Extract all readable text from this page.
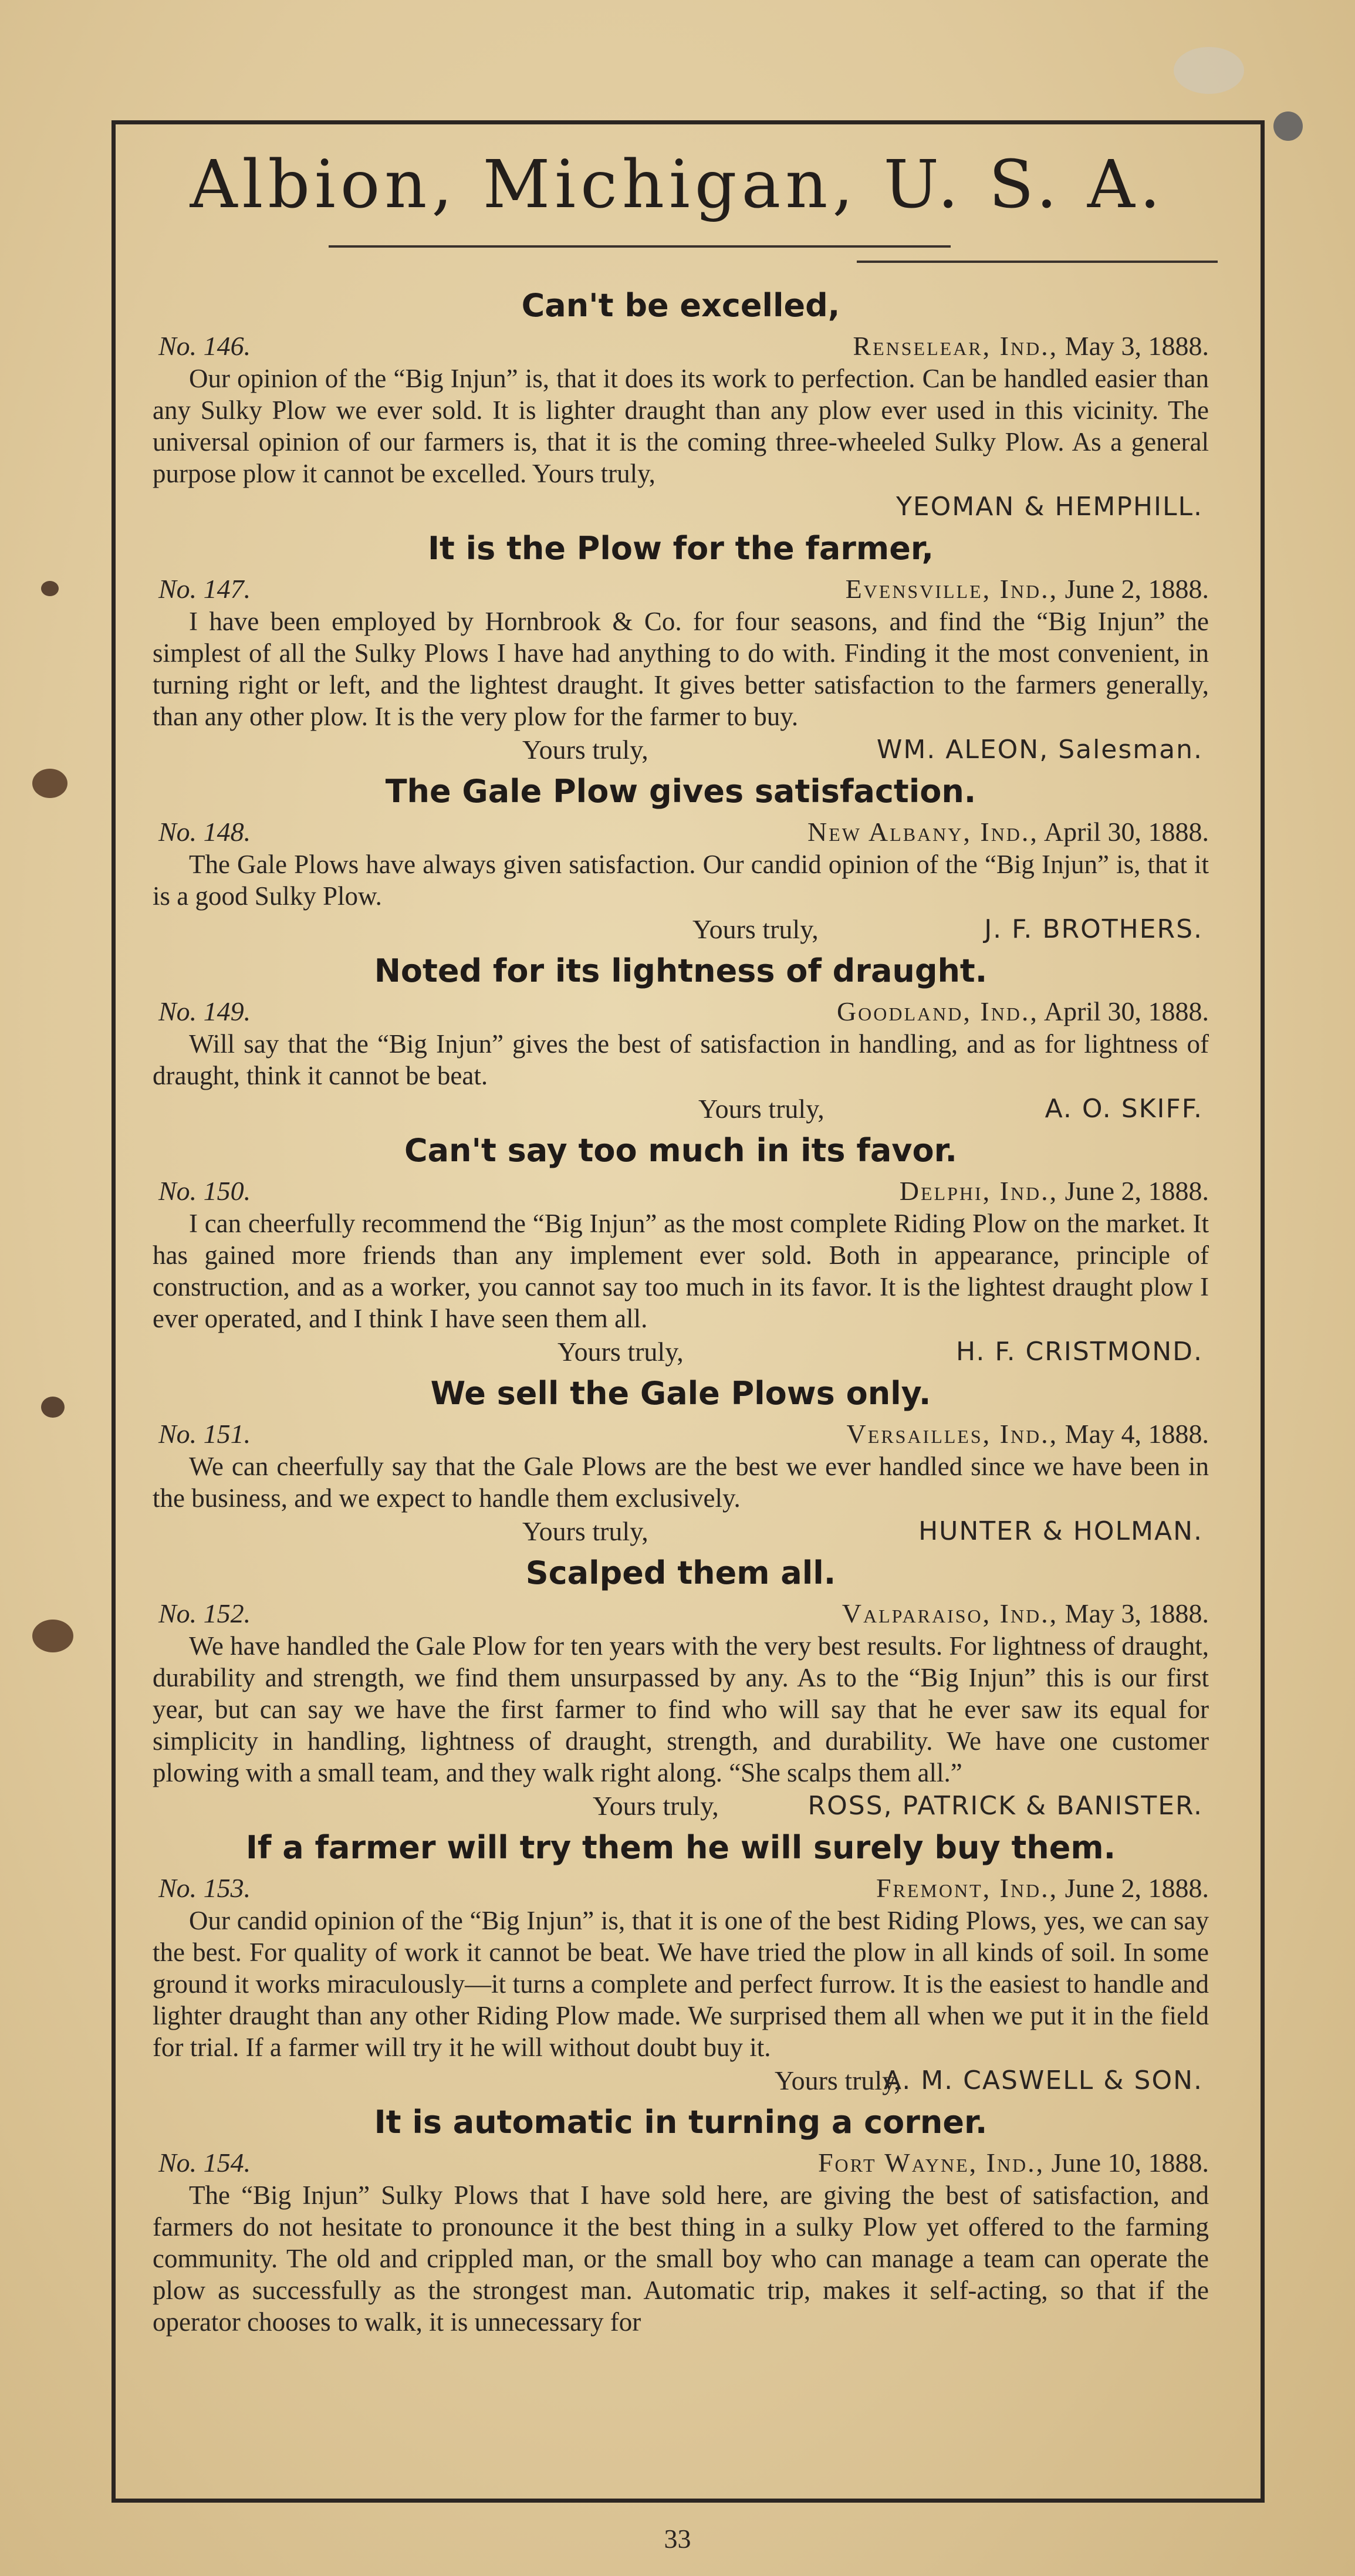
Albion, Michigan, U. S. A.
Can't be excelled,
No. 146.	Renselear, Ind., May 3, 1888.
Our opinion of the “Big Injun” is, that it does its work to perfection. Can be handled easier than any Sulky Plow we ever sold. It is lighter draught than any plow ever used in this vicinity. The universal opinion of our farmers is, that it is the coming three-wheeled Sulky Plow. As a general purpose plow it cannot be excelled. Yours truly,
YEOMAN & HEMPHILL.
It is the Plow for the farmer,
No. 147.	Evensville, Ind., June 2, 1888.
I have been employed by Hornbrook & Co. for four seasons, and find the “Big Injun” the simplest of all the Sulky Plows I have had anything to do with. Finding it the most convenient, in turning right or left, and the lightest draught. It gives better satisfaction to the farmers generally, than any other plow. It is the very plow for the farmer to buy.
Yours truly,	WM. ALEON, Salesman.
The Gale Plow gives satisfaction.
No. 148.	New Albany, Ind., April 30, 1888.
The Gale Plows have always given satisfaction. Our candid opinion of the “Big Injun” is, that it is a good Sulky Plow.
Yours truly,	J. F. BROTHERS.
Noted for its lightness of draught.
No. 149.	Goodland, Ind., April 30, 1888.
Will say that the “Big Injun” gives the best of satisfaction in handling, and as for lightness of draught, think it cannot be beat.
Yours truly,	A. O. SKIFF.
Can't say too much in its favor.
No. 150.	Delphi, Ind., June 2, 1888.
I can cheerfully recommend the “Big Injun” as the most complete Riding Plow on the market. It has gained more friends than any implement ever sold. Both in appearance, principle of construction, and as a worker, you cannot say too much in its favor. It is the lightest draught plow I ever operated, and I think I have seen them all.
Yours truly,	H. F. CRISTMOND.
We sell the Gale Plows only.
No. 151.	Versailles, Ind., May 4, 1888.
We can cheerfully say that the Gale Plows are the best we ever handled since we have been in the business, and we expect to handle them exclusively.
Yours truly,	HUNTER & HOLMAN.
Scalped them all.
No. 152.	Valparaiso, Ind., May 3, 1888.
We have handled the Gale Plow for ten years with the very best results. For lightness of draught, durability and strength, we find them unsurpassed by any. As to the “Big Injun” this is our first year, but can say we have the first farmer to find who will say that he ever saw its equal for simplicity in handling, lightness of draught, strength, and durability. We have one customer plowing with a small team, and they walk right along. “She scalps them all.”
Yours truly,	ROSS, PATRICK & BANISTER.
If a farmer will try them he will surely buy them.
No. 153.	Fremont, Ind., June 2, 1888.
Our candid opinion of the “Big Injun” is, that it is one of the best Riding Plows, yes, we can say the best. For quality of work it cannot be beat. We have tried the plow in all kinds of soil. In some ground it works miraculously—it turns a complete and perfect furrow. It is the easiest to handle and lighter draught than any other Riding Plow made. We surprised them all when we put it in the field for trial. If a farmer will try it he will without doubt buy it.
Yours truly,
A. M. CASWELL & SON.
It is automatic in turning a corner.
No. 154.	Fort Wayne, Ind., June 10, 1888.
The “Big Injun” Sulky Plows that I have sold here, are giving the best of satisfaction, and farmers do not hesitate to pronounce it the best thing in a sulky Plow yet offered to the farming community. The old and crippled man, or the small boy who can manage a team can operate the plow as successfully as the strongest man. Automatic trip, makes it self-acting, so that if the operator chooses to walk, it is unnecessary for
33
